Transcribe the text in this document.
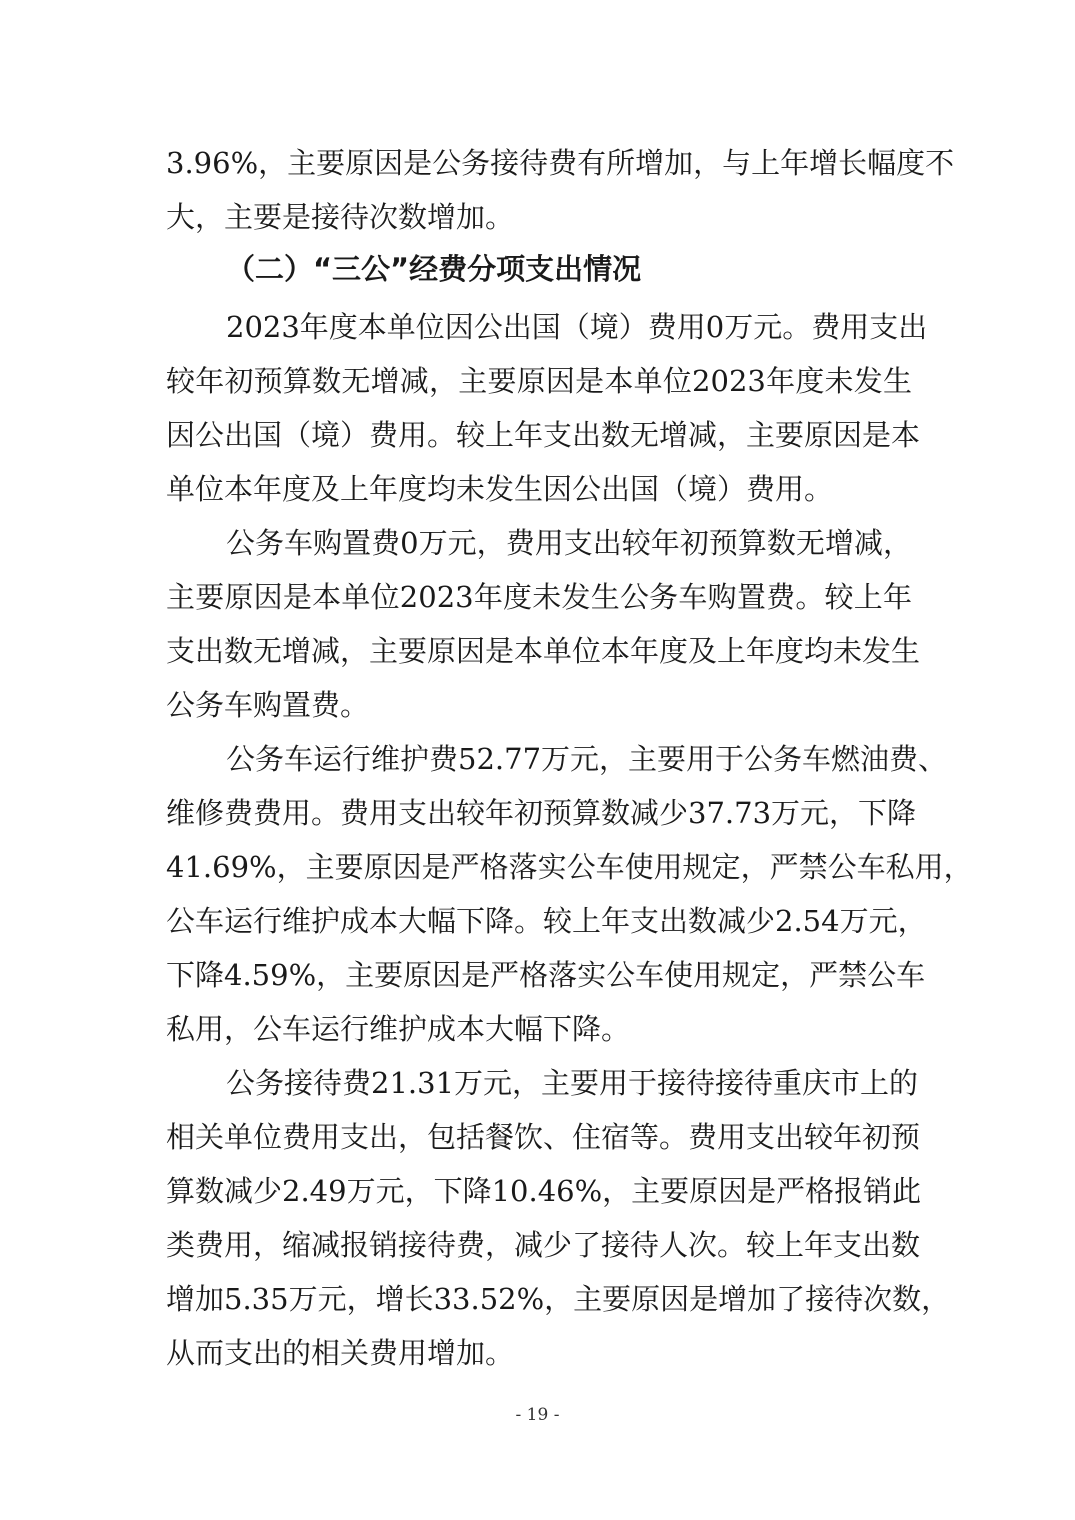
3.96%，主要原因是公务接待费有所增加，与上年增长幅度不
大，主要是接待次数增加。
（二）“三公”经费分项支出情况
2023年度本单位因公出国（境）费用0万元。费用支出
较年初预算数无增减，主要原因是本单位2023年度未发生
因公出国（境）费用。较上年支出数无增减，主要原因是本
单位本年度及上年度均未发生因公出国（境）费用。
公务车购置费0万元，费用支出较年初预算数无增减，
主要原因是本单位2023年度未发生公务车购置费。较上年
支出数无增减，主要原因是本单位本年度及上年度均未发生
公务车购置费。
公务车运行维护费52.77万元，主要用于公务车燃油费、
维修费费用。费用支出较年初预算数减少37.73万元，下降
41.69%，主要原因是严格落实公车使用规定，严禁公车私用，
公车运行维护成本大幅下降。较上年支出数减少2.54万元，
下降4.59%，主要原因是严格落实公车使用规定，严禁公车
私用，公车运行维护成本大幅下降。
公务接待费21.31万元，主要用于接待接待重庆市上的
相关单位费用支出，包括餐饮、住宿等。费用支出较年初预
算数减少2.49万元，下降10.46%，主要原因是严格报销此
类费用，缩减报销接待费，减少了接待人次。较上年支出数
增加5.35万元，增长33.52%，主要原因是增加了接待次数，
从而支出的相关费用增加。
- 19 -
